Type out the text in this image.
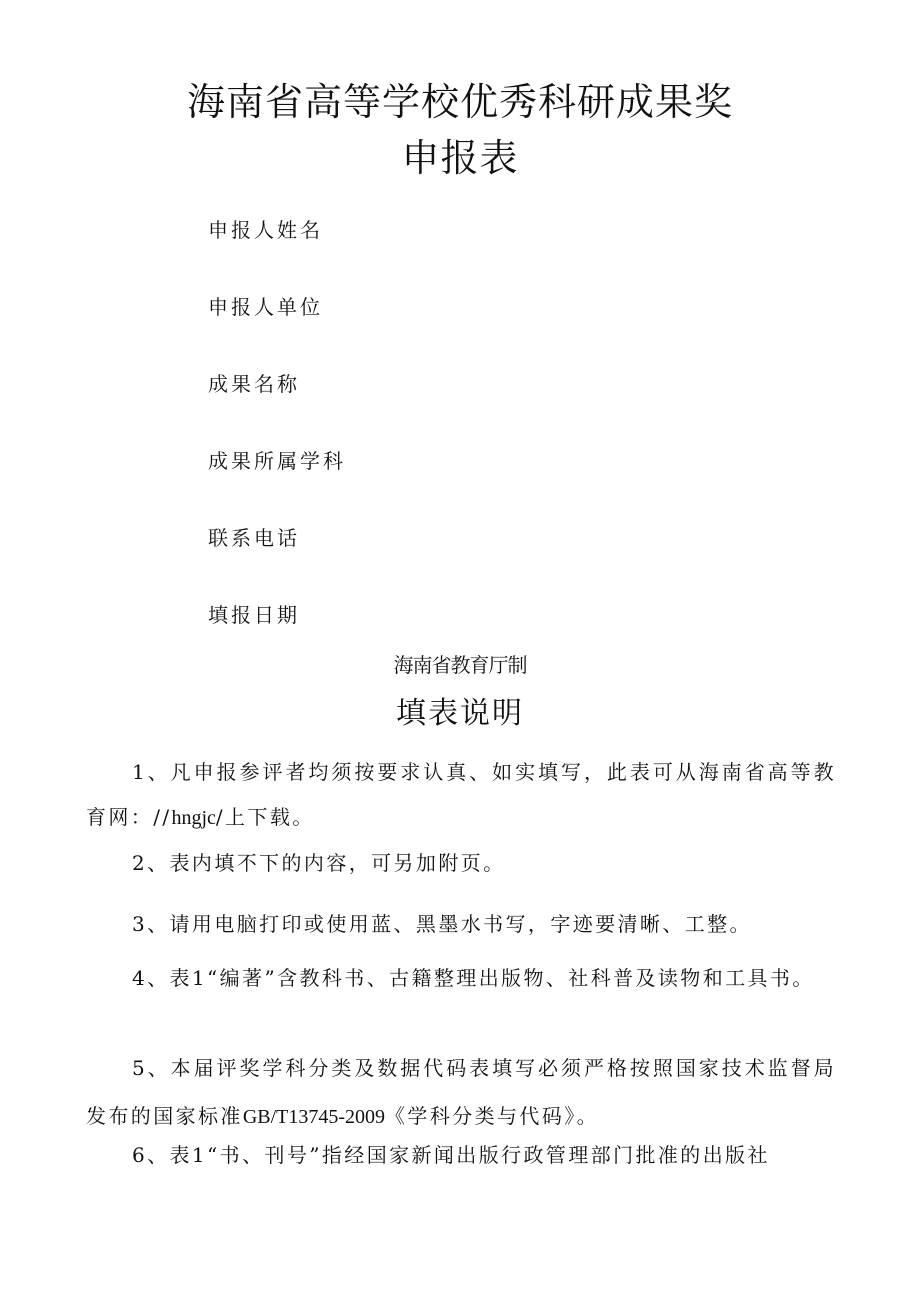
海南省高等学校优秀科研成果奖
申报表
申报人姓名
申报人单位
成果名称
成果所属学科
联系电话
填报日期
海南省教育厅制
填表说明
1、凡申报参评者均须按要求认真、如实填写，此表可从海南省高等教育网：//hngjc/上下载。
2、表内填不下的内容，可另加附页。
3、请用电脑打印或使用蓝、黑墨水书写，字迹要清晰、工整。
4、表1“编著”含教科书、古籍整理出版物、社科普及读物和工具书。
5、本届评奖学科分类及数据代码表填写必须严格按照国家技术监督局发布的国家标准GB/T13745-2009《学科分类与代码》。
6、表1“书、刊号”指经国家新闻出版行政管理部门批准的出版社
